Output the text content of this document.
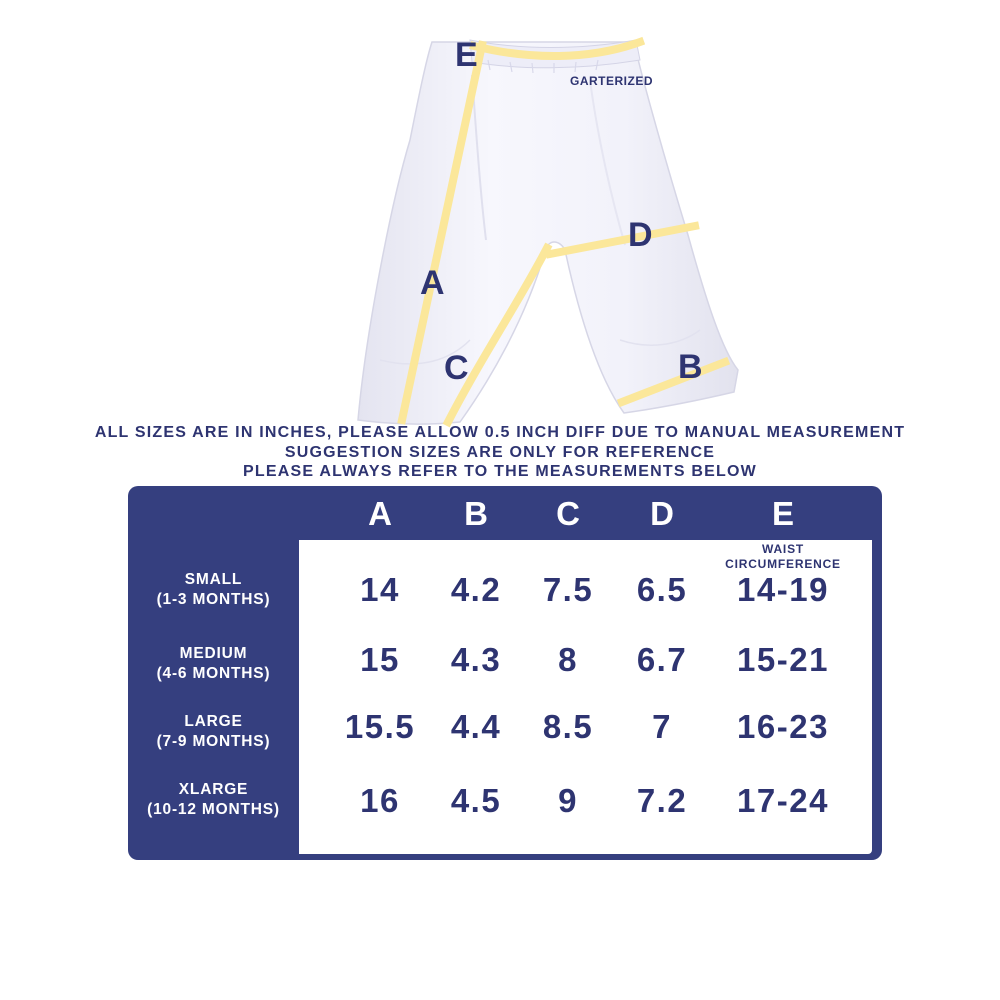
E
A
C
D
B
GARTERIZED
ALL SIZES ARE IN INCHES, PLEASE ALLOW 0.5 INCH DIFF DUE TO MANUAL MEASUREMENT
SUGGESTION SIZES ARE ONLY FOR REFERENCE
PLEASE ALWAYS REFER TO THE MEASUREMENTS BELOW
A	B	C	D	E
SMALL
(1-3 MONTHS)	14	4.2	7.5	6.5	14-19
MEDIUM
(4-6 MONTHS)	15	4.3	8	6.7	15-21
LARGE
(7-9 MONTHS)	15.5	4.4	8.5	7	16-23
XLARGE
(10-12 MONTHS)	16	4.5	9	7.2	17-24
WAIST
CIRCUMFERENCE
